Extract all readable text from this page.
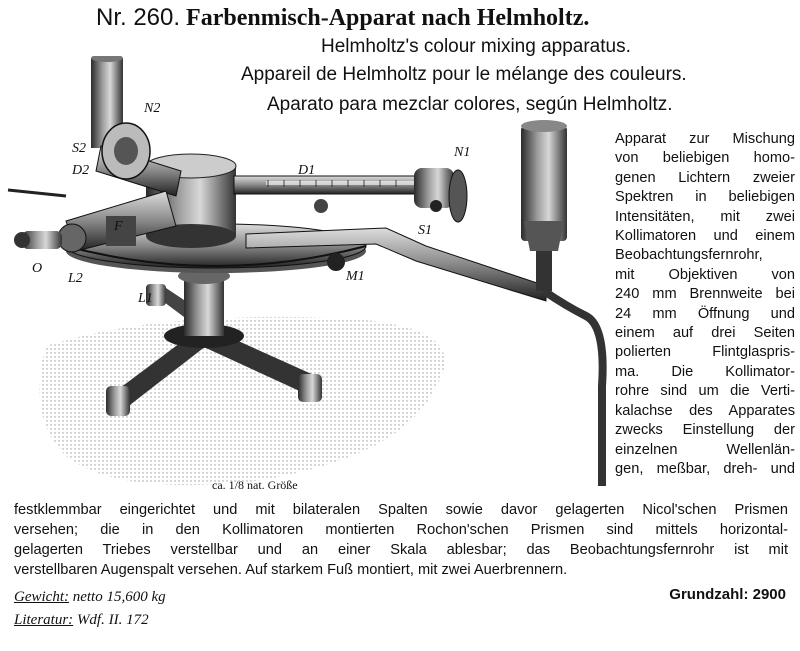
Nr. 260. Farbenmisch-Apparat nach Helmholtz.
Helmholtz's colour mixing apparatus.
Appareil de Helmholtz pour le mélange des couleurs.
Aparato para mezclar colores, según Helmholtz.
N2
S2
D2
F
O
L2
L1
D1
N1
S1
M1
ca. 1/8 nat. Größe
Apparat zur Mischung
von beliebigen homo-
genen Lichtern zweier
Spektren in beliebigen
Intensitäten, mit zwei
Kollimatoren und einem
Beobachtungsfernrohr,
mit Objektiven von
240 mm Brennweite bei
24 mm Öffnung und
einem auf drei Seiten
polierten Flintglaspris-
ma. Die Kollimator-
rohre sind um die Verti-
kalachse des Apparates
zwecks Einstellung der
einzelnen Wellenlän-
gen, meßbar, dreh- und
festklemmbar eingerichtet und mit bilateralen Spalten sowie davor gelagerten Nicol'schen Prismen
versehen; die in den Kollimatoren montierten Rochon'schen Prismen sind mittels horizontal-
gelagerten Triebes verstellbar und an einer Skala ablesbar; das Beobachtungsfernrohr ist mit
verstellbaren Augenspalt versehen. Auf starkem Fuß montiert, mit zwei Auerbrennern.
Gewicht: netto 15,600 kg
Literatur: Wdf. II. 172
Grundzahl: 2900
